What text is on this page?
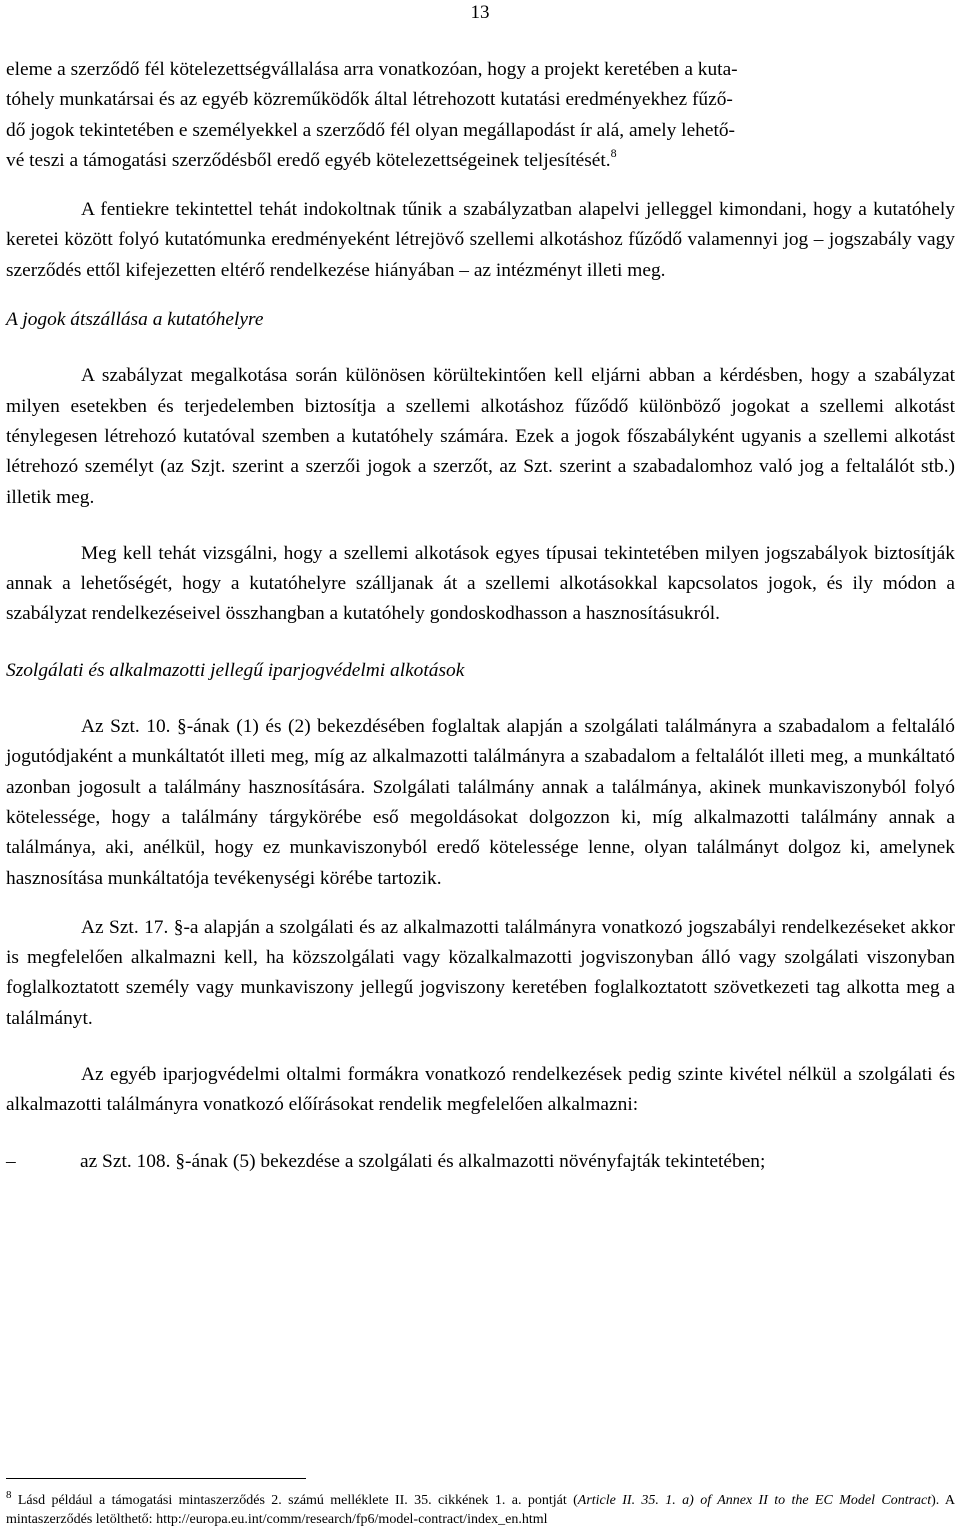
13

eleme a szerződő fél kötelezettségvállalása arra vonatkozóan, hogy a projekt keretében a kuta-
tóhely munkatársai és az egyéb közreműködők által létrehozott kutatási eredményekhez fűző-
dő jogok tekintetében e személyekkel a szerződő fél olyan megállapodást ír alá, amely lehető-
vé teszi a támogatási szerződésből eredő egyéb kötelezettségeinek teljesítését.$^8$

A fentiekre tekintettel tehát indokoltnak tűnik a szabályzatban alapelvi jelleggel kimondani, hogy a kutatóhely keretei között folyó kutatómunka eredményeként létrejövő szellemi alkotáshoz fűződő valamennyi jog – jogszabály vagy szerződés ettől kifejezetten eltérő rendelkezése hiányában – az intézményt illeti meg.

A jogok átszállása a kutatóhelyre

A szabályzat megalkotása során különösen körültekintően kell eljárni abban a kérdésben, hogy a szabályzat milyen esetekben és terjedelemben biztosítja a szellemi alkotáshoz fűződő különböző jogokat a szellemi alkotást ténylegesen létrehozó kutatóval szemben a kutatóhely számára. Ezek a jogok főszabályként ugyanis a szellemi alkotást létrehozó személyt (az Szjt. szerint a szerzői jogok a szerzőt, az Szt. szerint a szabadalomhoz való jog a feltalálót stb.) illetik meg.

Meg kell tehát vizsgálni, hogy a szellemi alkotások egyes típusai tekintetében milyen jogszabályok biztosítják annak a lehetőségét, hogy a kutatóhelyre szálljanak át a szellemi alkotásokkal kapcsolatos jogok, és ily módon a szabályzat rendelkezéseivel összhangban a kutatóhely gondoskodhasson a hasznosításukról.

Szolgálati és alkalmazotti jellegű iparjogvédelmi alkotások

Az Szt. 10. §-ának (1) és (2) bekezdésében foglaltak alapján a szolgálati találmányra a szabadalom a feltaláló jogutódjaként a munkáltatót illeti meg, míg az alkalmazotti találmányra a szabadalom a feltalálót illeti meg, a munkáltató azonban jogosult a találmány hasznosítására. Szolgálati találmány annak a találmánya, akinek munkaviszonyból folyó kötelessége, hogy a találmány tárgykörébe eső megoldásokat dolgozzon ki, míg alkalmazotti találmány annak a találmánya, aki, anélkül, hogy ez munkaviszonyból eredő kötelessége lenne, olyan találmányt dolgoz ki, amelynek hasznosítása munkáltatója tevékenységi körébe tartozik.

Az Szt. 17. §-a alapján a szolgálati és az alkalmazotti találmányra vonatkozó jogszabályi rendelkezéseket akkor is megfelelően alkalmazni kell, ha közszolgálati vagy közalkalmazotti jogviszonyban álló vagy szolgálati viszonyban foglalkoztatott személy vagy munkaviszony jellegű jogviszony keretében foglalkoztatott szövetkezeti tag alkotta meg a találmányt.

Az egyéb iparjogvédelmi oltalmi formákra vonatkozó rendelkezések pedig szinte kivétel nélkül a szolgálati és alkalmazotti találmányra vonatkozó előírásokat rendelik megfelelően alkalmazni:

–	az Szt. 108. §-ának (5) bekezdése a szolgálati és alkalmazotti növényfajták tekintetében;
$^8$ Lásd például a támogatási mintaszerződés 2. számú melléklete II. 35. cikkének 1. a. pontját (Article II. 35. 1. a) of Annex II to the EC Model Contract). A mintaszerződés letölthető: http://europa.eu.int/comm/research/fp6/model-contract/index_en.html
